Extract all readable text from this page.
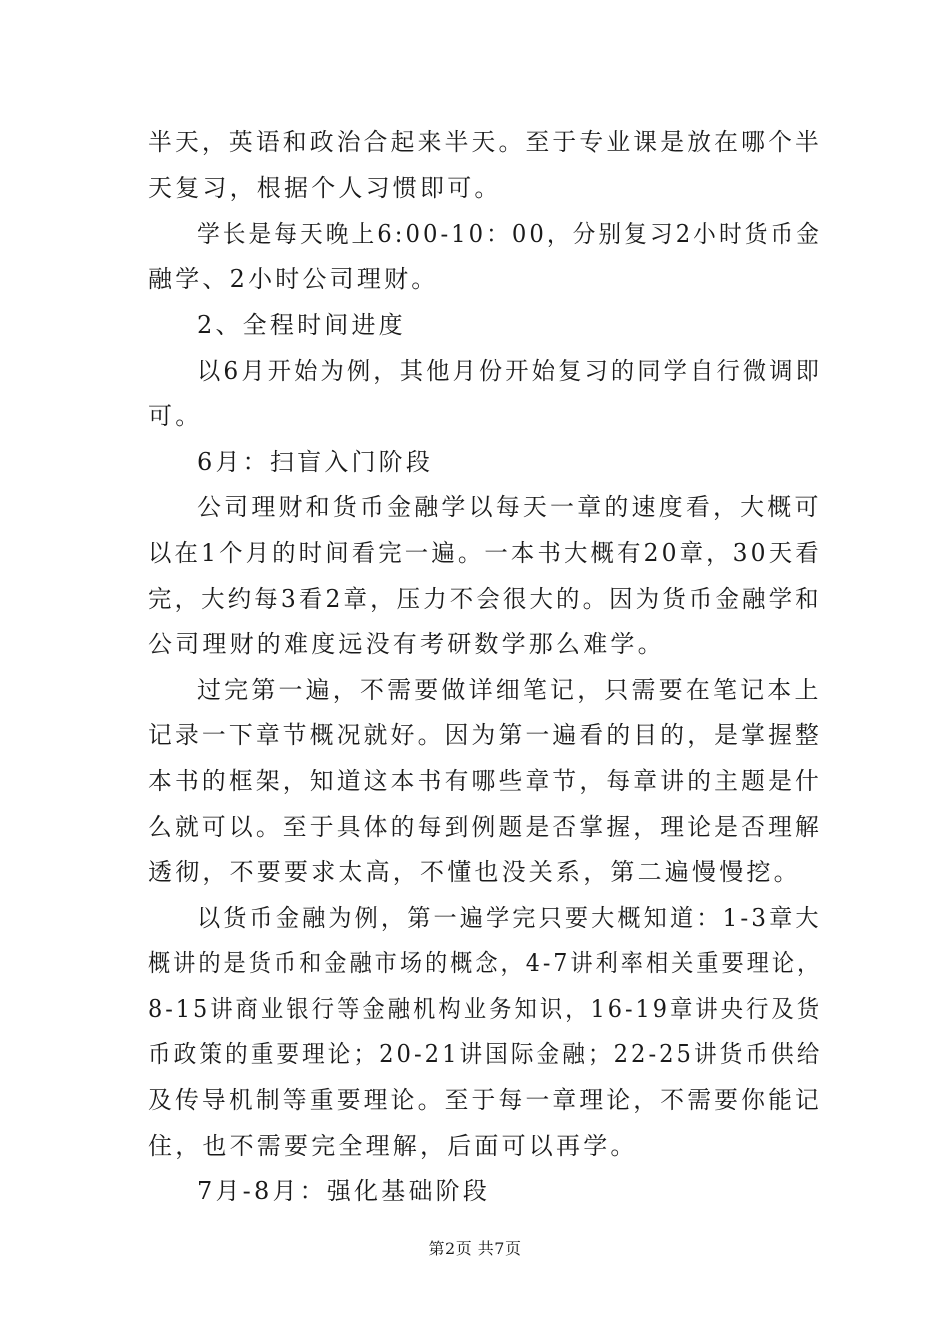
半天，英语和政治合起来半天。至于专业课是放在哪个半
天复习，根据个人习惯即可。
学长是每天晚上6:00-10：00，分别复习2小时货币金
融学、2小时公司理财。
2、全程时间进度
以6月开始为例，其他月份开始复习的同学自行微调即
可。
6月：扫盲入门阶段
公司理财和货币金融学以每天一章的速度看，大概可
以在1个月的时间看完一遍。一本书大概有20章，30天看
完，大约每3看2章，压力不会很大的。因为货币金融学和
公司理财的难度远没有考研数学那么难学。
过完第一遍，不需要做详细笔记，只需要在笔记本上
记录一下章节概况就好。因为第一遍看的目的，是掌握整
本书的框架，知道这本书有哪些章节，每章讲的主题是什
么就可以。至于具体的每到例题是否掌握，理论是否理解
透彻，不要要求太高，不懂也没关系，第二遍慢慢挖。
以货币金融为例，第一遍学完只要大概知道：1-3章大
概讲的是货币和金融市场的概念，4-7讲利率相关重要理论，
8-15讲商业银行等金融机构业务知识，16-19章讲央行及货
币政策的重要理论；20-21讲国际金融；22-25讲货币供给
及传导机制等重要理论。至于每一章理论，不需要你能记
住，也不需要完全理解，后面可以再学。
7月-8月：强化基础阶段
第2页 共7页
